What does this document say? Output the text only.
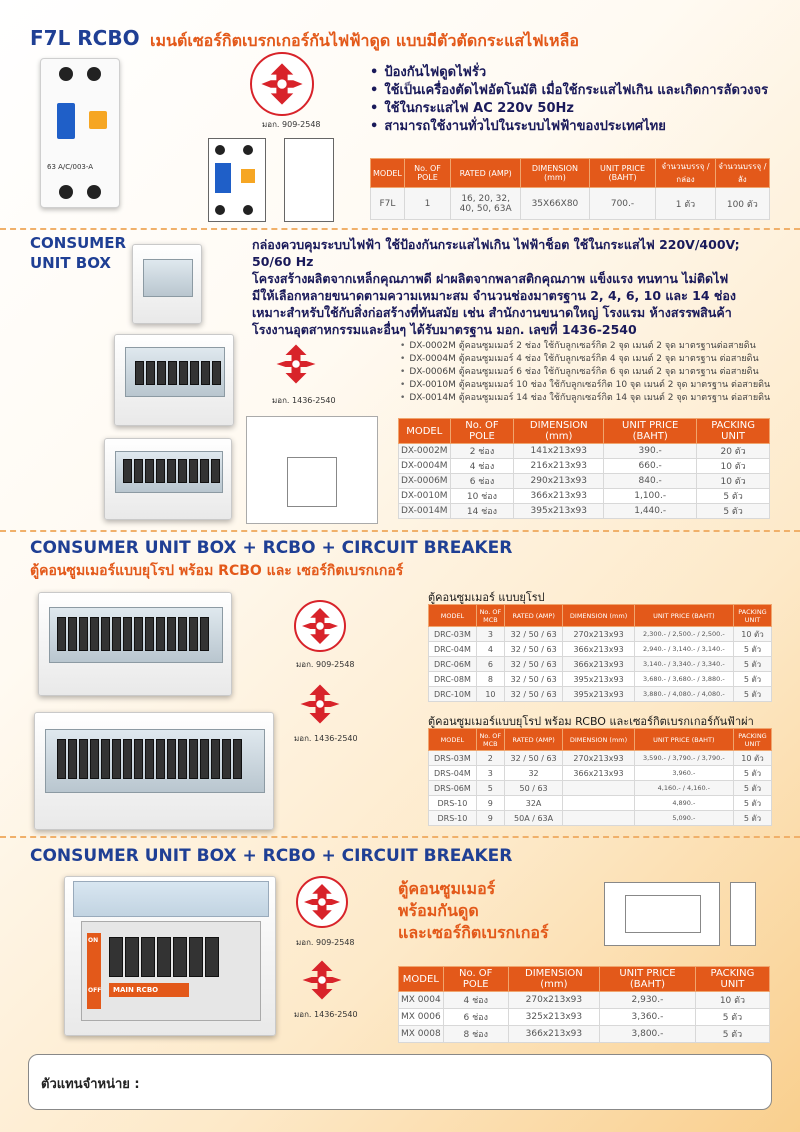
F7L RCBO เมนต์เซอร์กิตเบรกเกอร์กันไฟฟ้าดูด แบบมีตัวตัดกระแสไฟเหลือ
63 A/C/003-A
มอก. 909-2548
• ป้องกันไฟดูดไฟรั่ว
• ใช้เป็นเครื่องตัดไฟอัตโนมัติ เมื่อใช้กระแสไฟเกิน และเกิดการลัดวงจร
• ใช้ในกระแสไฟ AC 220v 50Hz
• สามารถใช้งานทั่วไปในระบบไฟฟ้าของประเทศไทย
MODEL	No. OF POLE	RATED (AMP)	DIMENSION (mm)	UNIT PRICE (BAHT)	จำนวนบรรจุ /กล่อง	จำนวนบรรจุ /ลัง
F7L	1	16, 20, 32, 40, 50, 63A	35X66X80	700.-	1 ตัว	100 ตัว
CONSUMER
UNIT BOX
กล่องควบคุมระบบไฟฟ้า ใช้ป้องกันกระแสไฟเกิน ไฟฟ้าช็อต ใช้ในกระแสไฟ 220V/400V; 50/60 Hz
โครงสร้างผลิตจากเหล็กคุณภาพดี ฝาผลิตจากพลาสติกคุณภาพ แข็งแรง ทนทาน ไม่ติดไฟ
มีให้เลือกหลายขนาดตามความเหมาะสม จำนวนช่องมาตรฐาน 2, 4, 6, 10 และ 14 ช่อง
เหมาะสำหรับใช้กับสิ่งก่อสร้างที่ทันสมัย เช่น สำนักงานขนาดใหญ่ โรงแรม ห้างสรรพสินค้า
โรงงานอุตสาหกรรมและอื่นๆ ได้รับมาตรฐาน มอก. เลขที่ 1436-2540
มอก. 1436-2540
• DX-0002M ตู้คอนซูมเมอร์ 2 ช่อง ใช้กับลูกเซอร์กิต 2 จุด เมนต์ 2 จุด มาตรฐานต่อสายดิน
• DX-0004M ตู้คอนซูมเมอร์ 4 ช่อง ใช้กับลูกเซอร์กิต 4 จุด เมนต์ 2 จุด มาตรฐาน ต่อสายดิน
• DX-0006M ตู้คอนซูมเมอร์ 6 ช่อง ใช้กับลูกเซอร์กิต 6 จุด เมนต์ 2 จุด มาตรฐาน ต่อสายดิน
• DX-0010M ตู้คอนซูมเมอร์ 10 ช่อง ใช้กับลูกเซอร์กิต 10 จุด เมนต์ 2 จุด มาตรฐาน ต่อสายดิน
• DX-0014M ตู้คอนซูมเมอร์ 14 ช่อง ใช้กับลูกเซอร์กิต 14 จุด เมนต์ 2 จุด มาตรฐาน ต่อสายดิน
MODEL	No. OF POLE	DIMENSION (mm)	UNIT PRICE (BAHT)	PACKING UNIT
DX-0002M	2 ช่อง	141x213x93	390.-	20 ตัว
DX-0004M	4 ช่อง	216x213x93	660.-	10 ตัว
DX-0006M	6 ช่อง	290x213x93	840.-	10 ตัว
DX-0010M	10 ช่อง	366x213x93	1,100.-	5 ตัว
DX-0014M	14 ช่อง	395x213x93	1,440.-	5 ตัว
CONSUMER UNIT BOX + RCBO + CIRCUIT BREAKER
ตู้คอนซูมเมอร์แบบยุโรป พร้อม RCBO และ เซอร์กิตเบรกเกอร์
มอก. 909-2548
มอก. 1436-2540
ตู้คอนซูมเมอร์ แบบยุโรป
MODEL	No. OF MCB	RATED (AMP)	DIMENSION (mm)	UNIT PRICE (BAHT)	PACKING UNIT
DRC-03M	3	32 / 50 / 63	270x213x93	2,300.- / 2,500.- / 2,500.-	10 ตัว
DRC-04M	4	32 / 50 / 63	366x213x93	2,940.- / 3,140.- / 3,140.-	5 ตัว
DRC-06M	6	32 / 50 / 63	366x213x93	3,140.- / 3,340.- / 3,340.-	5 ตัว
DRC-08M	8	32 / 50 / 63	395x213x93	3,680.- / 3,680.- / 3,880.-	5 ตัว
DRC-10M	10	32 / 50 / 63	395x213x93	3,880.- / 4,080.- / 4,080.-	5 ตัว
ตู้คอนซูมเมอร์แบบยุโรป พร้อม RCBO และเซอร์กิตเบรกเกอร์กันฟ้าผ่า
MODEL	No. OF MCB	RATED (AMP)	DIMENSION (mm)	UNIT PRICE (BAHT)	PACKING UNIT
DRS-03M	2	32 / 50 / 63	270x213x93	3,590.- / 3,790.- / 3,790.-	10 ตัว
DRS-04M	3	32	366x213x93	3,960.-	5 ตัว
DRS-06M	5	50 / 63		4,160.- / 4,160.-	5 ตัว
DRS-10	9	32A		4,890.-	5 ตัว
DRS-10	9	50A / 63A		5,090.-	5 ตัว
CONSUMER UNIT BOX + RCBO + CIRCUIT BREAKER
ON
OFF	MAIN RCBO
มอก. 909-2548
มอก. 1436-2540
ตู้คอนซูมเมอร์
พร้อมกันดูด
และเซอร์กิตเบรกเกอร์
MODEL	No. OF POLE	DIMENSION (mm)	UNIT PRICE (BAHT)	PACKING UNIT
MX 0004	4 ช่อง	270x213x93	2,930.-	10 ตัว
MX 0006	6 ช่อง	325x213x93	3,360.-	5 ตัว
MX 0008	8 ช่อง	366x213x93	3,800.-	5 ตัว
ตัวแทนจำหน่าย :
